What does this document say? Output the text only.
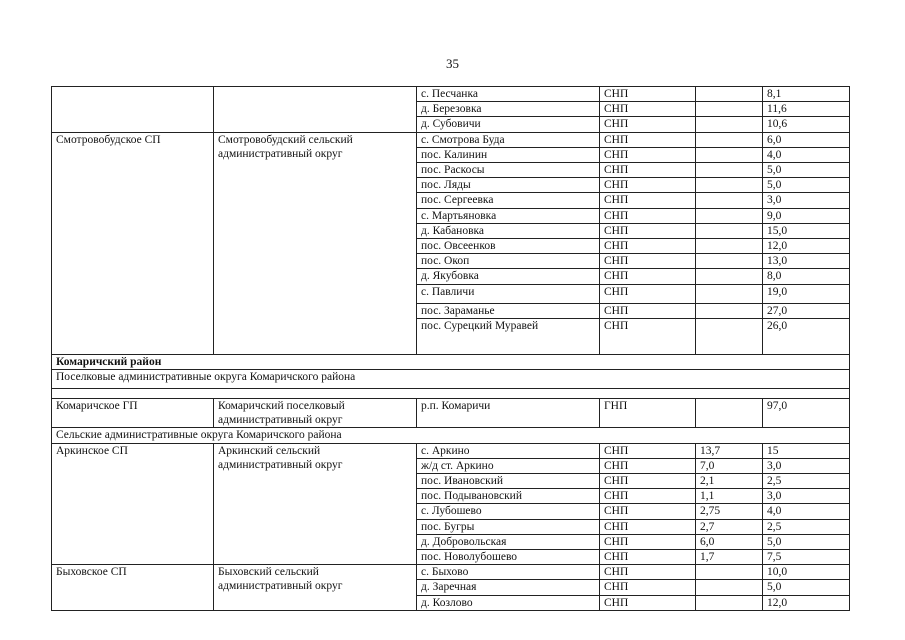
35
		с. Песчанка	СНП		8,1
		д. Березовка	СНП		11,6
		д. Субовичи	СНП		10,6
Смотровобудское СП	Смотровобудский сельский административный округ	с. Смотрова Буда	СНП		6,0
		пос. Калинин	СНП		4,0
		пос. Раскосы	СНП		5,0
		пос. Ляды	СНП		5,0
		пос. Сергеевка	СНП		3,0
		с. Мартьяновка	СНП		9,0
		д. Кабановка	СНП		15,0
		пос. Овсеенков	СНП		12,0
		пос. Окоп	СНП		13,0
		д. Якубовка	СНП		8,0
		с. Павличи	СНП		19,0
		пос. Зараманье	СНП		27,0
		пос. Сурецкий Муравей	СНП		26,0
Комаричский район					
Поселковые административные округа Комаричского района					

Комаричское ГП	Комаричский поселковый административный округ	р.п. Комаричи	ГНП		97,0
Сельские административные округа Комаричского района					
Аркинское СП	Аркинский сельский административный округ	с. Аркино	СНП	13,7	15
		ж/д ст. Аркино	СНП	7,0	3,0
		пос. Ивановский	СНП	2,1	2,5
		пос. Подывановский	СНП	1,1	3,0
		с. Лубошево	СНП	2,75	4,0
		пос. Бугры	СНП	2,7	2,5
		д. Добровольская	СНП	6,0	5,0
		пос. Новолубошево	СНП	1,7	7,5
Быховское СП	Быховский сельский административный округ	с. Быхово	СНП		10,0
		д. Заречная	СНП		5,0
		д. Козлово	СНП		12,0
